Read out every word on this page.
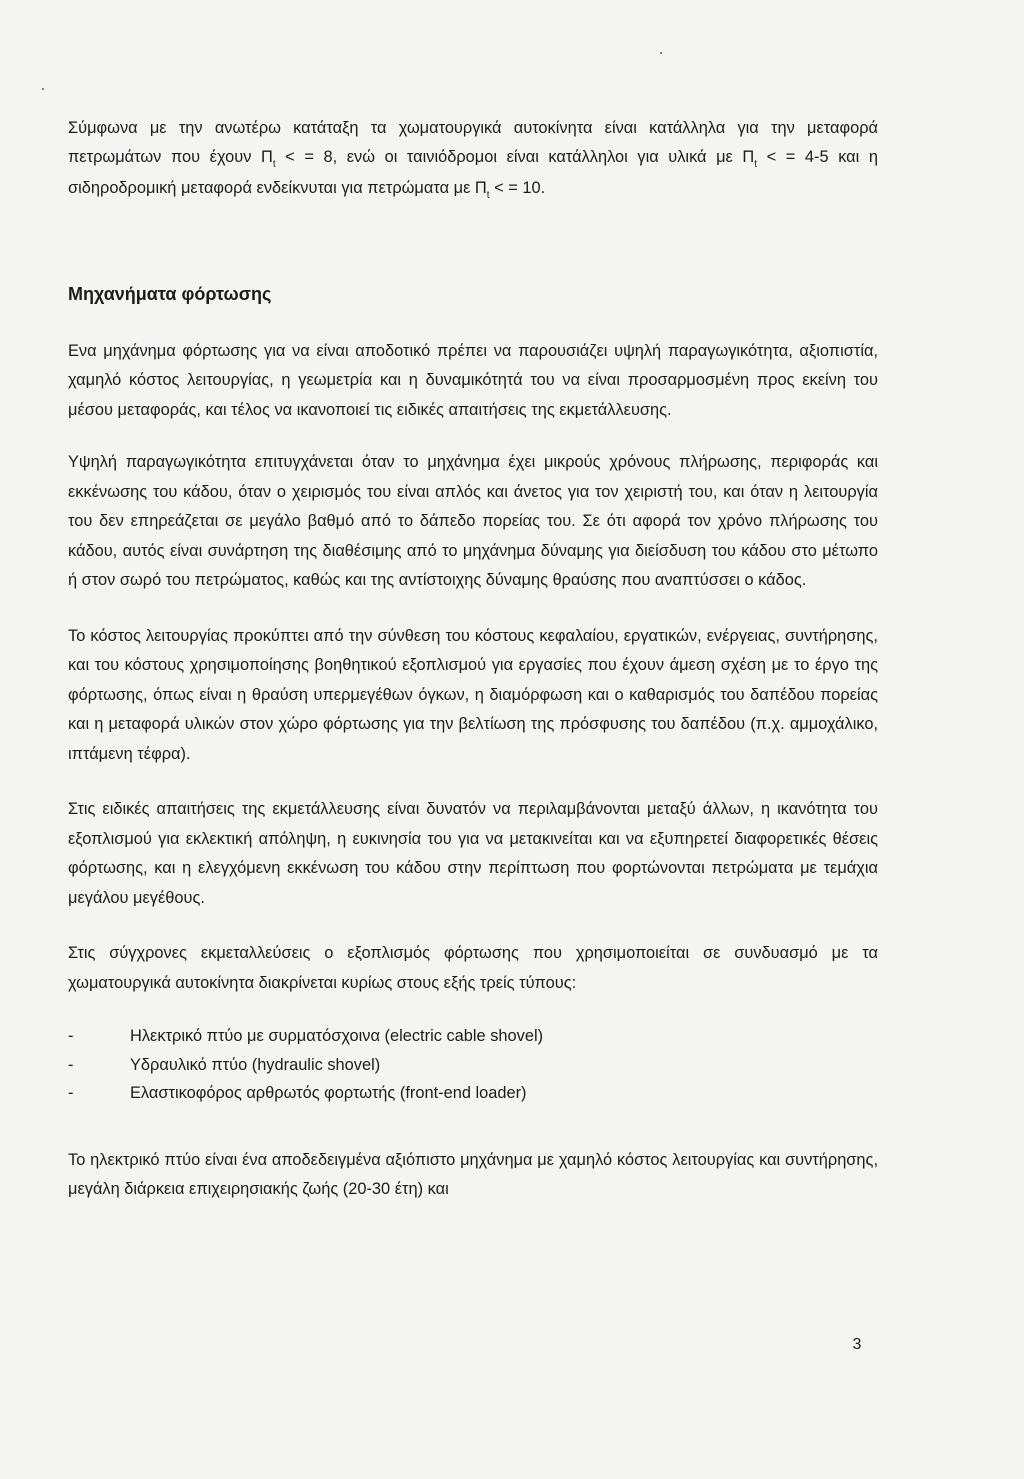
Σύμφωνα με την ανωτέρω κατάταξη τα χωματουργικά αυτοκίνητα είναι κατάλληλα για την μεταφορά πετρωμάτων που έχουν $\Pi_t$ < = 8, ενώ οι ταινιόδρομοι είναι κατάλληλοι για υλικά με $\Pi_t$ < = 4-5 και η σιδηροδρομική μεταφορά ενδείκνυται για πετρώματα με $\Pi_t$ < = 10.

Μηχανήματα φόρτωσης

Ενα μηχάνημα φόρτωσης για να είναι αποδοτικό πρέπει να παρουσιάζει υψηλή παραγωγικότητα, αξιοπιστία, χαμηλό κόστος λειτουργίας, η γεωμετρία και η δυναμικότητά του να είναι προσαρμοσμένη προς εκείνη του μέσου μεταφοράς, και τέλος να ικανοποιεί τις ειδικές απαιτήσεις της εκμετάλλευσης.

Υψηλή παραγωγικότητα επιτυγχάνεται όταν το μηχάνημα έχει μικρούς χρόνους πλήρωσης, περιφοράς και εκκένωσης του κάδου, όταν ο χειρισμός του είναι απλός και άνετος για τον χειριστή του, και όταν η λειτουργία του δεν επηρεάζεται σε μεγάλο βαθμό από το δάπεδο πορείας του. Σε ότι αφορά τον χρόνο πλήρωσης του κάδου, αυτός είναι συνάρτηση της διαθέσιμης από το μηχάνημα δύναμης για διείσδυση του κάδου στο μέτωπο ή στον σωρό του πετρώματος, καθώς και της αντίστοιχης δύναμης θραύσης που αναπτύσσει ο κάδος.

Το κόστος λειτουργίας προκύπτει από την σύνθεση του κόστους κεφαλαίου, εργατικών, ενέργειας, συντήρησης, και του κόστους χρησιμοποίησης βοηθητικού εξοπλισμού για εργασίες που έχουν άμεση σχέση με το έργο της φόρτωσης, όπως είναι η θραύση υπερμεγέθων όγκων, η διαμόρφωση και ο καθαρισμός του δαπέδου πορείας και η μεταφορά υλικών στον χώρο φόρτωσης για την βελτίωση της πρόσφυσης του δαπέδου (π.χ. αμμοχάλικο, ιπτάμενη τέφρα).

Στις ειδικές απαιτήσεις της εκμετάλλευσης είναι δυνατόν να περιλαμβάνονται μεταξύ άλλων, η ικανότητα του εξοπλισμού για εκλεκτική απόληψη, η ευκινησία του για να μετακινείται και να εξυπηρετεί διαφορετικές θέσεις φόρτωσης, και η ελεγχόμενη εκκένωση του κάδου στην περίπτωση που φορτώνονται πετρώματα με τεμάχια μεγάλου μεγέθους.

Στις σύγχρονες εκμεταλλεύσεις ο εξοπλισμός φόρτωσης που χρησιμοποιείται σε συνδυασμό με τα χωματουργικά αυτοκίνητα διακρίνεται κυρίως στους εξής τρείς τύπους:

-	Ηλεκτρικό πτύο με συρματόσχοινα (electric cable shovel)
-	Υδραυλικό πτύο (hydraulic shovel)
-	Ελαστικοφόρος αρθρωτός φορτωτής (front-end loader)

Το ηλεκτρικό πτύο είναι ένα αποδεδειγμένα αξιόπιστο μηχάνημα με χαμηλό κόστος λειτουργίας και συντήρησης, μεγάλη διάρκεια επιχειρησιακής ζωής (20-30 έτη) και

3
